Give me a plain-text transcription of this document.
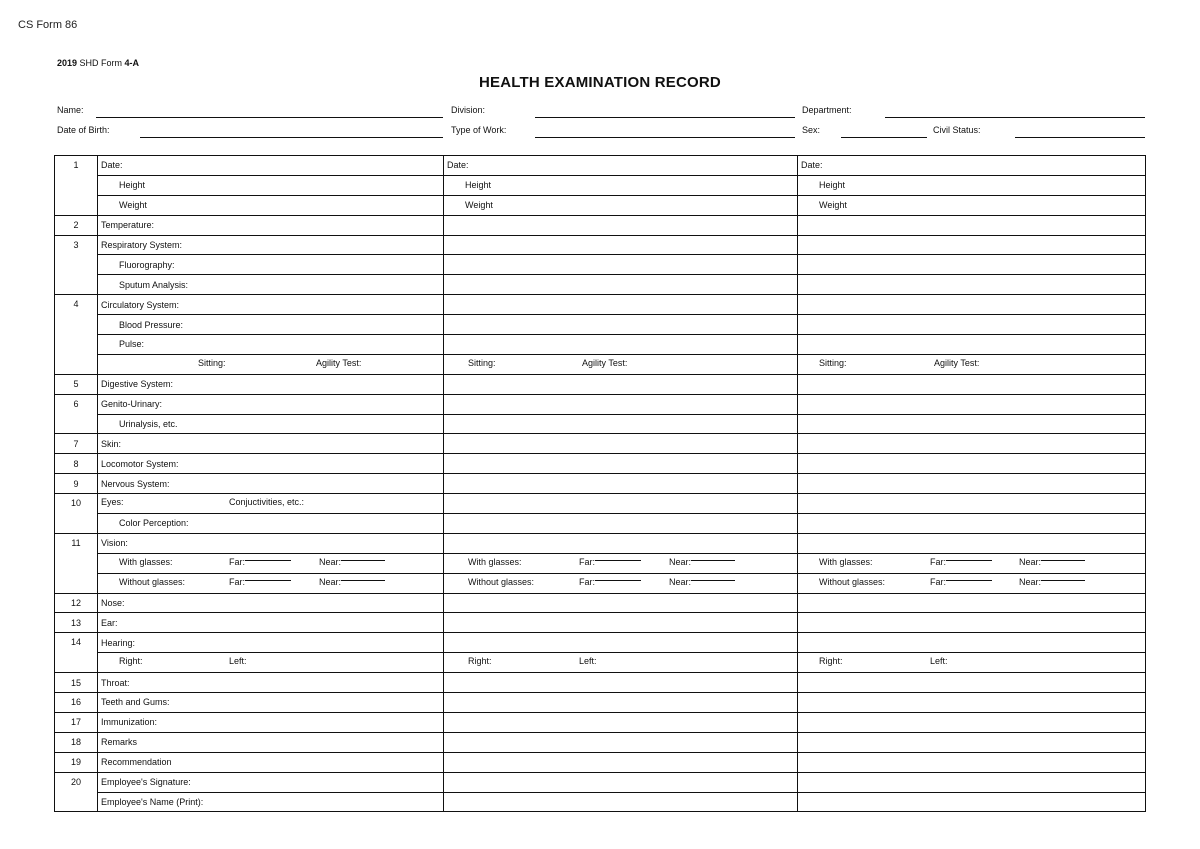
CS Form 86
2019 SHD Form 4-A
HEALTH EXAMINATION RECORD
Name:	Division:	Department:
Date of Birth:	Type of Work:	Sex:	Civil Status:
1	Date:	Date:	Date:
	Height	Height	Height
	Weight	Weight	Weight
2	Temperature:		
3	Respiratory System:		
	Fluorography:		
	Sputum Analysis:		
4	Circulatory System:		
	Blood Pressure:		
	Pulse:		

	Sitting: Agility Test:	Sitting: Agility Test:	Sitting: Agility Test:

5	Digestive System:		
6	Genito-Urinary:		
	Urinalysis, etc.		
7	Skin:		
8	Locomotor System:		
9	Nervous System:		
10	Eyes: Conjuctivities, etc.:		

	Color Perception:		
11	Vision:		

	With glasses: Far: Near:	With glasses: Far: Near:	With glasses: Far: Near:

	Without glasses: Far: Near:	Without glasses: Far: Near:	Without glasses: Far: Near:

12	Nose:		
13	Ear:		
14	Hearing:		

	Right: Left:	Right: Left:	Right: Left:

15	Throat:		
16	Teeth and Gums:		
17	Immunization:		
18	Remarks		
19	Recommendation		
20	Employee's Signature:		
	Employee's Name (Print):		
